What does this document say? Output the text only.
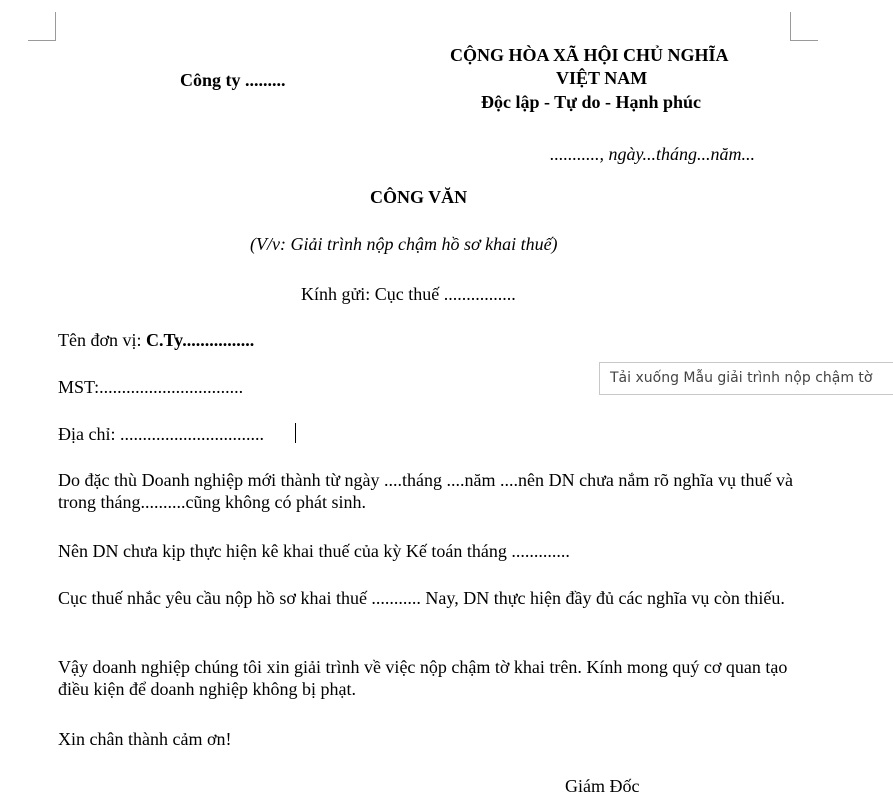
Công ty .........
CỘNG HÒA XÃ HỘI CHỦ NGHĨA
VIỆT NAM
Độc lập - Tự do - Hạnh phúc
..........., ngày...tháng...năm...
CÔNG VĂN
(V/v: Giải trình nộp chậm hồ sơ khai thuế)
Kính gửi: Cục thuế ................
Tên đơn vị: C.Ty................
MST:................................
Địa chỉ: ................................
Do đặc thù Doanh nghiệp mới thành từ ngày ....tháng ....năm ....nên DN chưa nắm rõ nghĩa vụ thuế và trong tháng..........cũng không có phát sinh.
Nên DN chưa kịp thực hiện kê khai thuế của kỳ Kế toán tháng .............
Cục thuế nhắc yêu cầu nộp hồ sơ khai thuế ........... Nay, DN thực hiện đầy đủ các nghĩa vụ còn thiếu.
Vậy doanh nghiệp chúng tôi xin giải trình về việc nộp chậm tờ khai trên. Kính mong quý cơ quan tạo điều kiện để doanh nghiệp không bị phạt.
Xin chân thành cảm ơn!
Giám Đốc
Tải xuống Mẫu giải trình nộp chậm tờ
